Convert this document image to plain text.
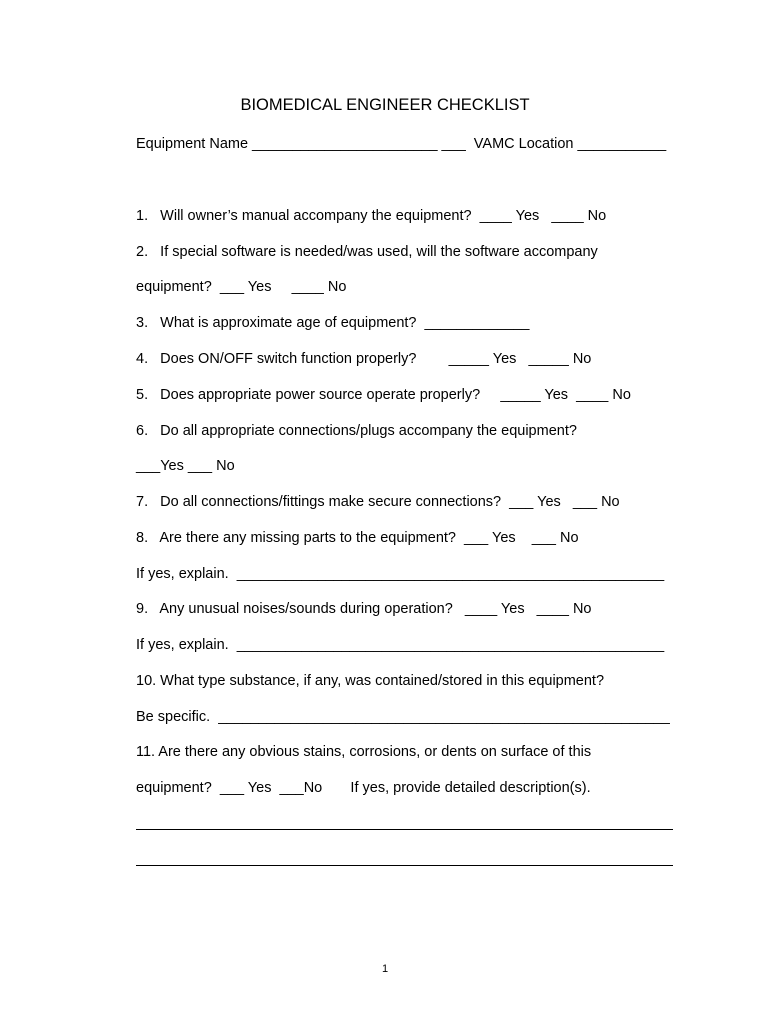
BIOMEDICAL ENGINEER CHECKLIST
Equipment Name _______________________ ___  VAMC Location ___________
1.   Will owner’s manual accompany the equipment?  ____ Yes   ____ No
2.   If special software is needed/was used, will the software accompany
equipment?  ___ Yes     ____ No
3.   What is approximate age of equipment?  _____________
4.   Does ON/OFF switch function properly?        _____ Yes   _____ No
5.   Does appropriate power source operate properly?     _____ Yes  ____ No
6.   Do all appropriate connections/plugs accompany the equipment?
___Yes ___ No
7.   Do all connections/fittings make secure connections?  ___ Yes   ___ No
8.   Are there any missing parts to the equipment?  ___ Yes    ___ No
If yes, explain.  _____________________________________________________
9.   Any unusual noises/sounds during operation?   ____ Yes   ____ No
If yes, explain.  _____________________________________________________
10. What type substance, if any, was contained/stored in this equipment?
Be specific.  ________________________________________________________
11. Are there any obvious stains, corrosions, or dents on surface of this
equipment?  ___ Yes  ___No       If yes, provide detailed description(s).
1
